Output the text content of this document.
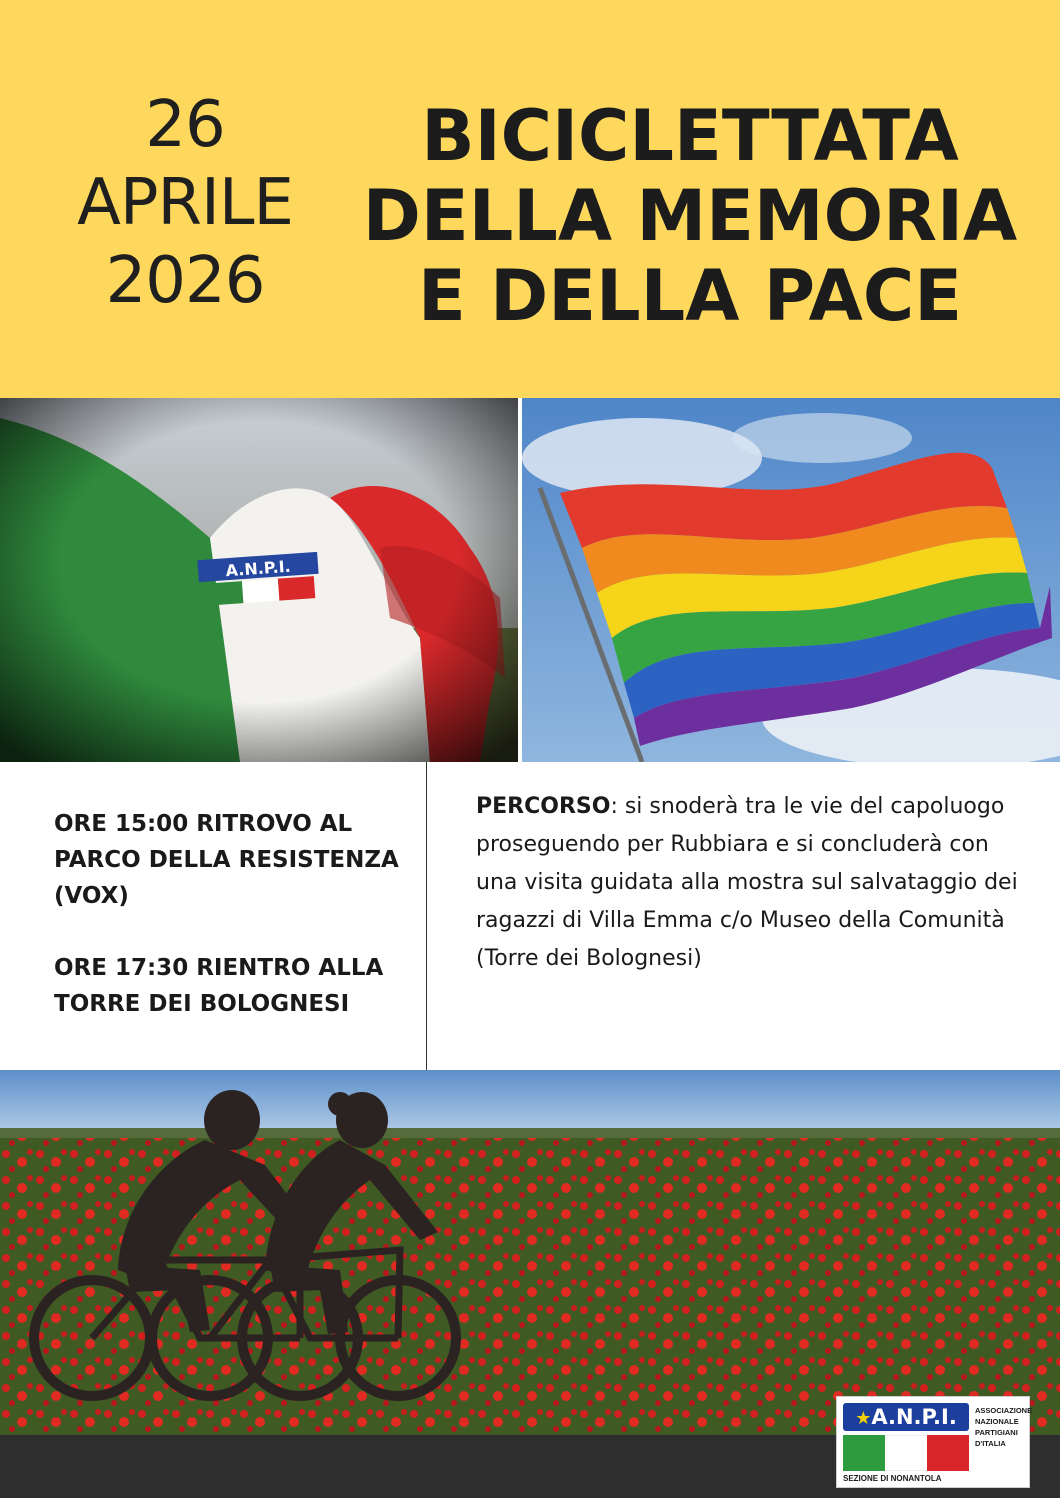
26
APRILE
2026
BICICLETTATA
DELLA MEMORIA
E DELLA PACE
ORE 15:00 RITROVO AL PARCO DELLA RESISTENZA (VOX)
ORE 17:30 RIENTRO ALLA TORRE DEI BOLOGNESI
PERCORSO: si snoderà tra le vie del capoluogo proseguendo per Rubbiara e si concluderà con una visita guidata alla mostra sul salvataggio dei ragazzi di Villa Emma c/o Museo della Comunità (Torre dei Bolognesi)
★A.N.P.I.
SEZIONE DI NONANTOLA
ASSOCIAZIONE
NAZIONALE
PARTIGIANI
D'ITALIA
